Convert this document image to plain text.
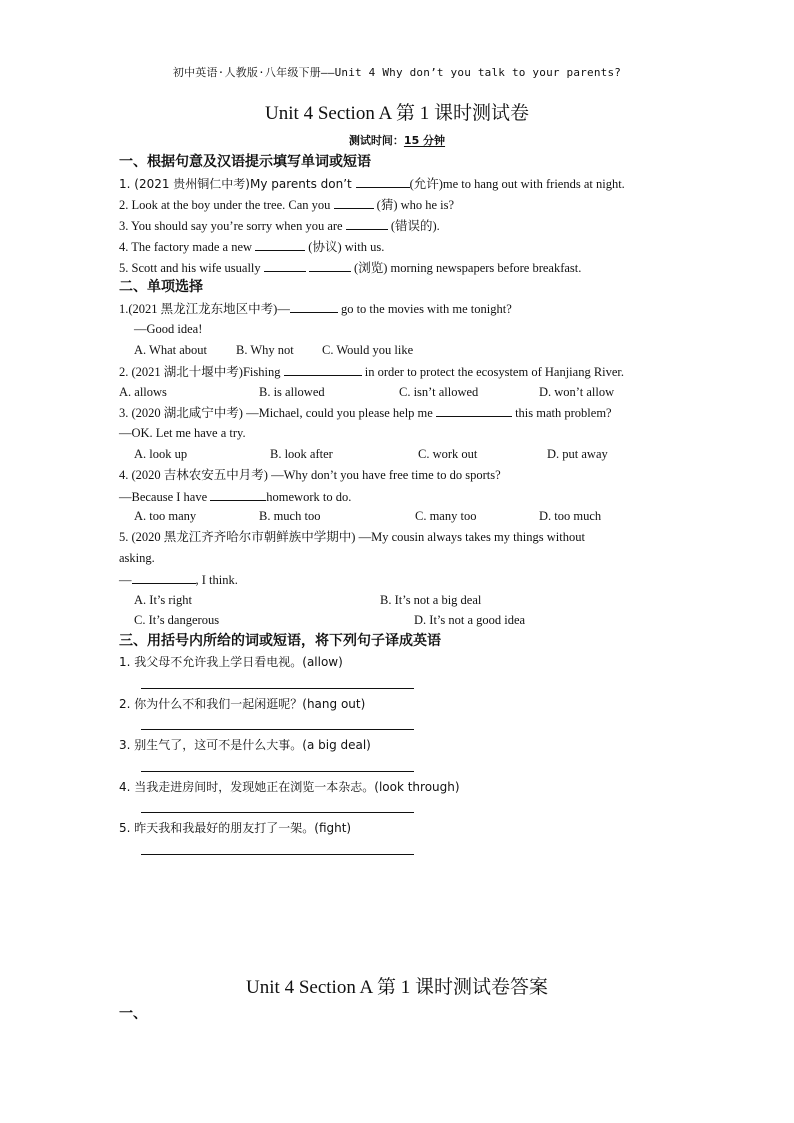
初中英语·人教版·八年级下册——Unit 4 Why don’t you talk to your parents?
Unit 4 Section A 第 1 课时测试卷
测试时间：15 分钟
一、根据句意及汉语提示填写单词或短语
1. (2021 贵州铜仁中考)My parents don’t	(允许)me to hang out with friends at night.
2. Look at the boy under the tree. Can you	(猜) who he is?
3. You should say you’re sorry when you are	(错误的).
4. The factory made a new	(协议) with us.
5. Scott and his wife usually	(浏览) morning newspapers before breakfast.
二、单项选择
1.(2021 黑龙江龙东地区中考)—	go to the movies with me tonight?
—Good idea!
A. What about B. Why not C. Would you like
2. (2021 湖北十堰中考)Fishing	in order to protect the ecosystem of Hanjiang River.
A. allows	B. is allowed	C. isn’t allowed	D. won’t allow
3. (2020 湖北咸宁中考) —Michael, could you please help me	this math problem?
—OK. Let me have a try.
A. look up	B. look after	C. work out	D. put away
4. (2020 吉林农安五中月考) —Why don’t you have free time to do sports?
—Because I have	homework to do.
A. too many	B. much too	C. many too	D. too much
5. (2020 黑龙江齐齐哈尔市朝鲜族中学期中) —My cousin always takes my things without
asking.
—	, I think.
A. It’s right	B. It’s not a big deal
C. It’s dangerous	D. It’s not a good idea
三、用括号内所给的词或短语，将下列句子译成英语
1. 我父母不允许我上学日看电视。(allow)
2. 你为什么不和我们一起闲逛呢？(hang out)
3. 别生气了，这可不是什么大事。(a big deal)
4. 当我走进房间时，发现她正在浏览一本杂志。(look through)
5. 昨天我和我最好的朋友打了一架。(fight)
Unit 4 Section A 第 1 课时测试卷答案
一、
